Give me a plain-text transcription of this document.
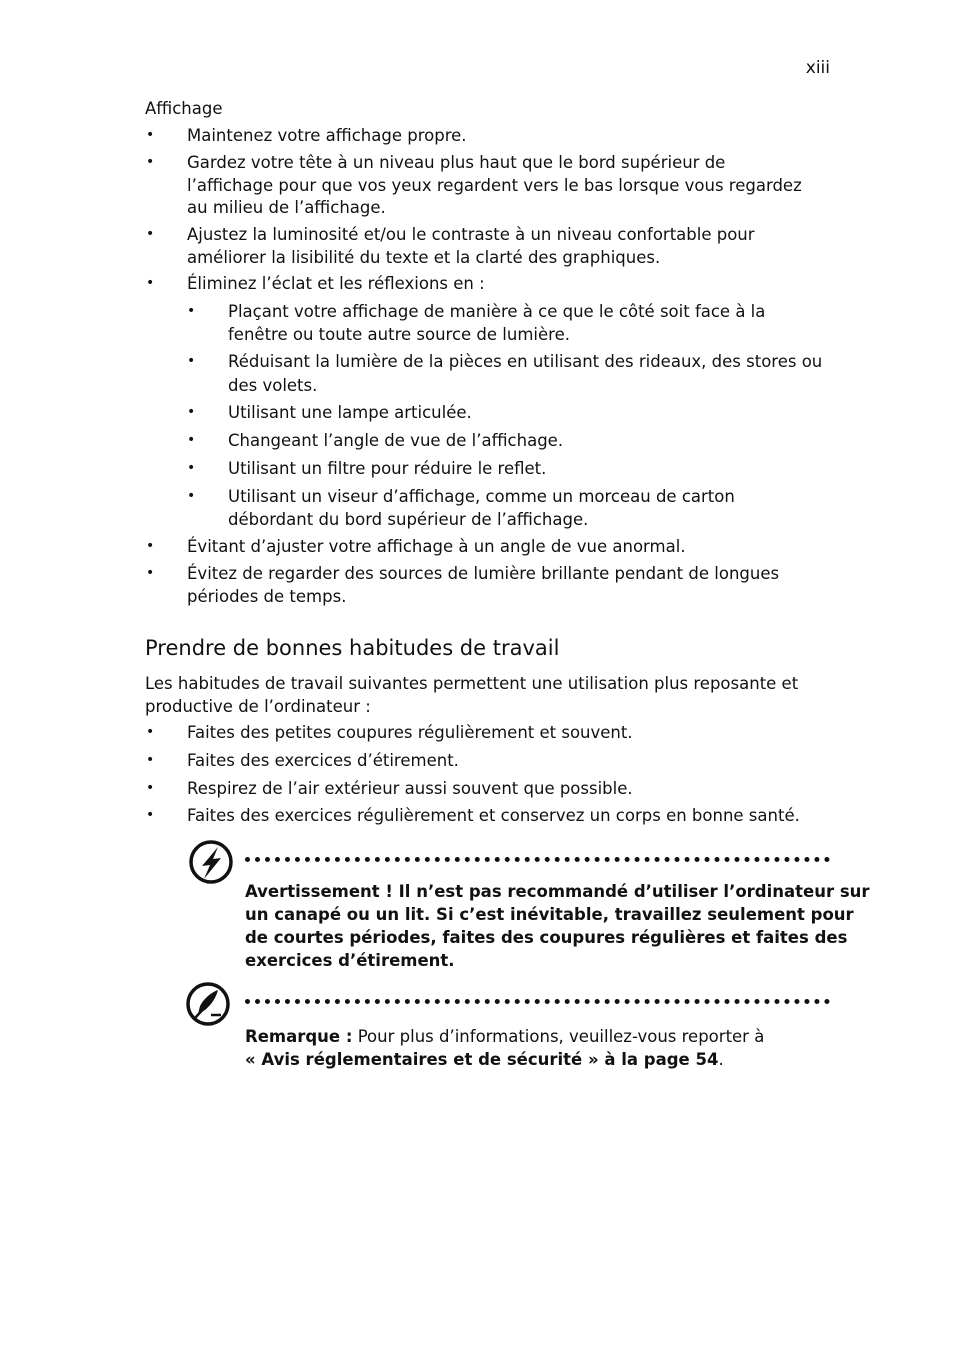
xiii
Affichage
• Maintenez votre affichage propre.
• Gardez votre tête à un niveau plus haut que le bord supérieur de
l’affichage pour que vos yeux regardent vers le bas lorsque vous regardez
au milieu de l’affichage.
• Ajustez la luminosité et/ou le contraste à un niveau confortable pour
améliorer la lisibilité du texte et la clarté des graphiques.
• Éliminez l’éclat et les réflexions en :
• Plaçant votre affichage de manière à ce que le côté soit face à la
fenêtre ou toute autre source de lumière.
• Réduisant la lumière de la pièces en utilisant des rideaux, des stores ou
des volets.
• Utilisant une lampe articulée.
• Changeant l’angle de vue de l’affichage.
• Utilisant un filtre pour réduire le reflet.
• Utilisant un viseur d’affichage, comme un morceau de carton
débordant du bord supérieur de l’affichage.
• Évitant d’ajuster votre affichage à un angle de vue anormal.
• Évitez de regarder des sources de lumière brillante pendant de longues
périodes de temps.
Prendre de bonnes habitudes de travail
Les habitudes de travail suivantes permettent une utilisation plus reposante et
productive de l’ordinateur :
• Faites des petites coupures régulièrement et souvent.
• Faites des exercices d’étirement.
• Respirez de l’air extérieur aussi souvent que possible.
• Faites des exercices régulièrement et conservez un corps en bonne santé.
Avertissement ! Il n’est pas recommandé d’utiliser l’ordinateur sur
un canapé ou un lit. Si c’est inévitable, travaillez seulement pour
de courtes périodes, faites des coupures régulières et faites des
exercices d’étirement.
Remarque : Pour plus d’informations, veuillez-vous reporter à
« Avis réglementaires et de sécurité » à la page 54.
